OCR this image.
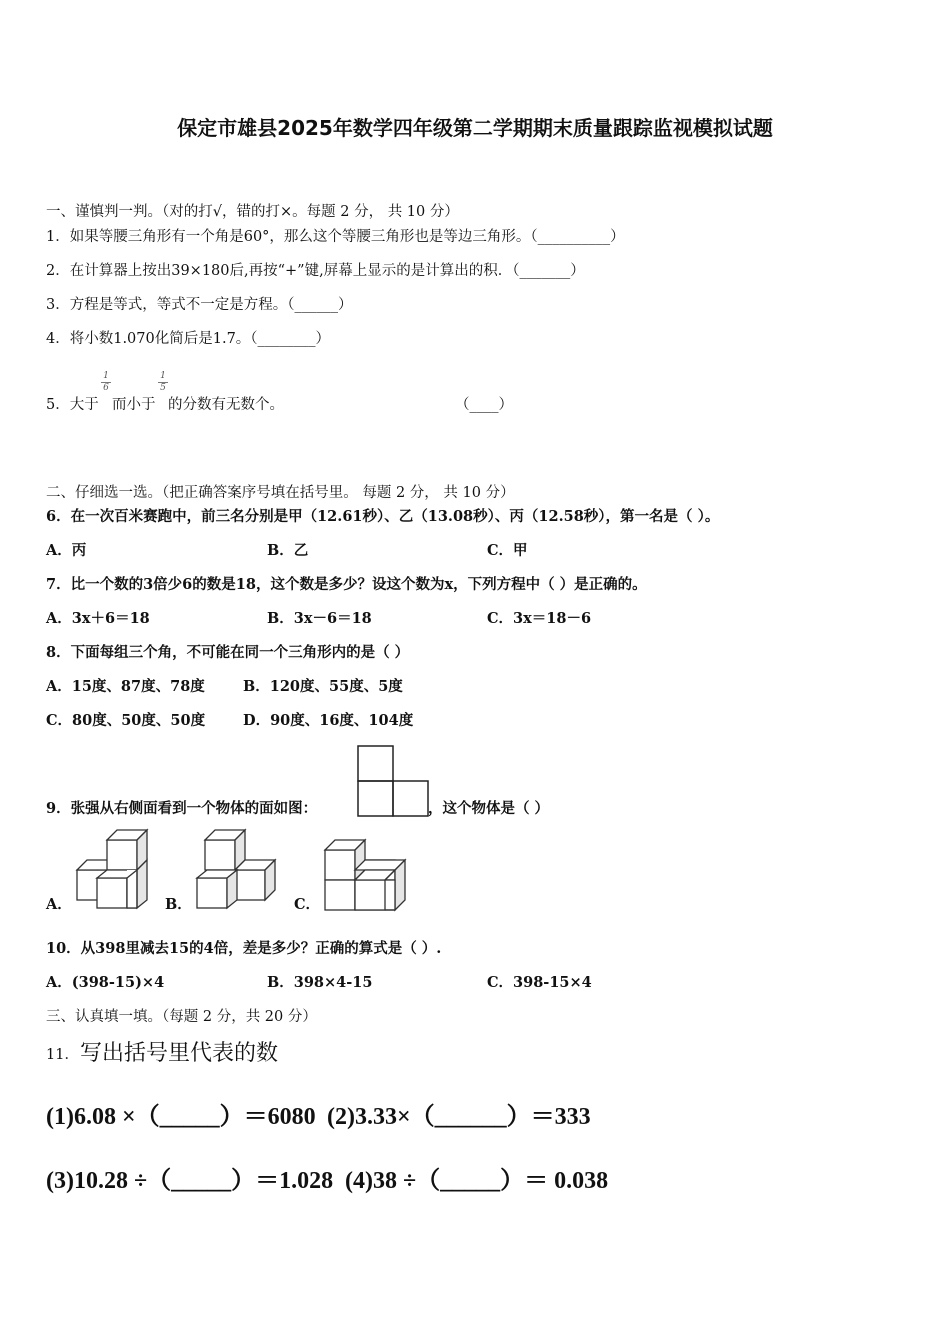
保定市雄县2025年数学四年级第二学期期末质量跟踪监视模拟试题
一、谨慎判一判。（对的打√，错的打×。每题 2 分， 共 10 分）
1．如果等腰三角形有一个角是60°，那么这个等腰三角形也是等边三角形。（__________）
2．在计算器上按出39×180后,再按“+”键,屏幕上显示的是计算出的积．（_______）
3．方程是等式，等式不一定是方程。（______）
4．将小数1.070化简后是1.7。（________）
5．大于
1
6
而小于
1
5
的分数有无数个。	（____）
二、仔细选一选。（把正确答案序号填在括号里。 每题 2 分， 共 10 分）
6．在一次百米赛跑中，前三名分别是甲（12.61秒）、乙（13.08秒）、丙（12.58秒），第一名是（ ）。
A．丙	B．乙	C．甲
7．比一个数的3倍少6的数是18，这个数是多少？设这个数为x，下列方程中（ ）是正确的。
A．3x＋6＝18	B．3x－6＝18	C．3x＝18－6
8．下面每组三个角，不可能在同一个三角形内的是（ ）
A．15度、87度、78度	B．120度、55度、5度
C．80度、50度、50度	D．90度、16度、104度
9．张强从右侧面看到一个物体的面如图：	，这个物体是（ ）
A．	B．	C．
10．从398里减去15的4倍，差是多少？正确的算式是（ ）.
A．(398-15)×4	B．398×4-15	C．398-15×4
三、认真填一填。（每题 2 分，共 20 分）
11． 写出括号里代表的数
(1)6.08 ×（_____）＝6080 (2)3.33×（______）＝333
(3)10.28 ÷（_____）＝1.028 (4)38 ÷（_____）＝ 0.038
